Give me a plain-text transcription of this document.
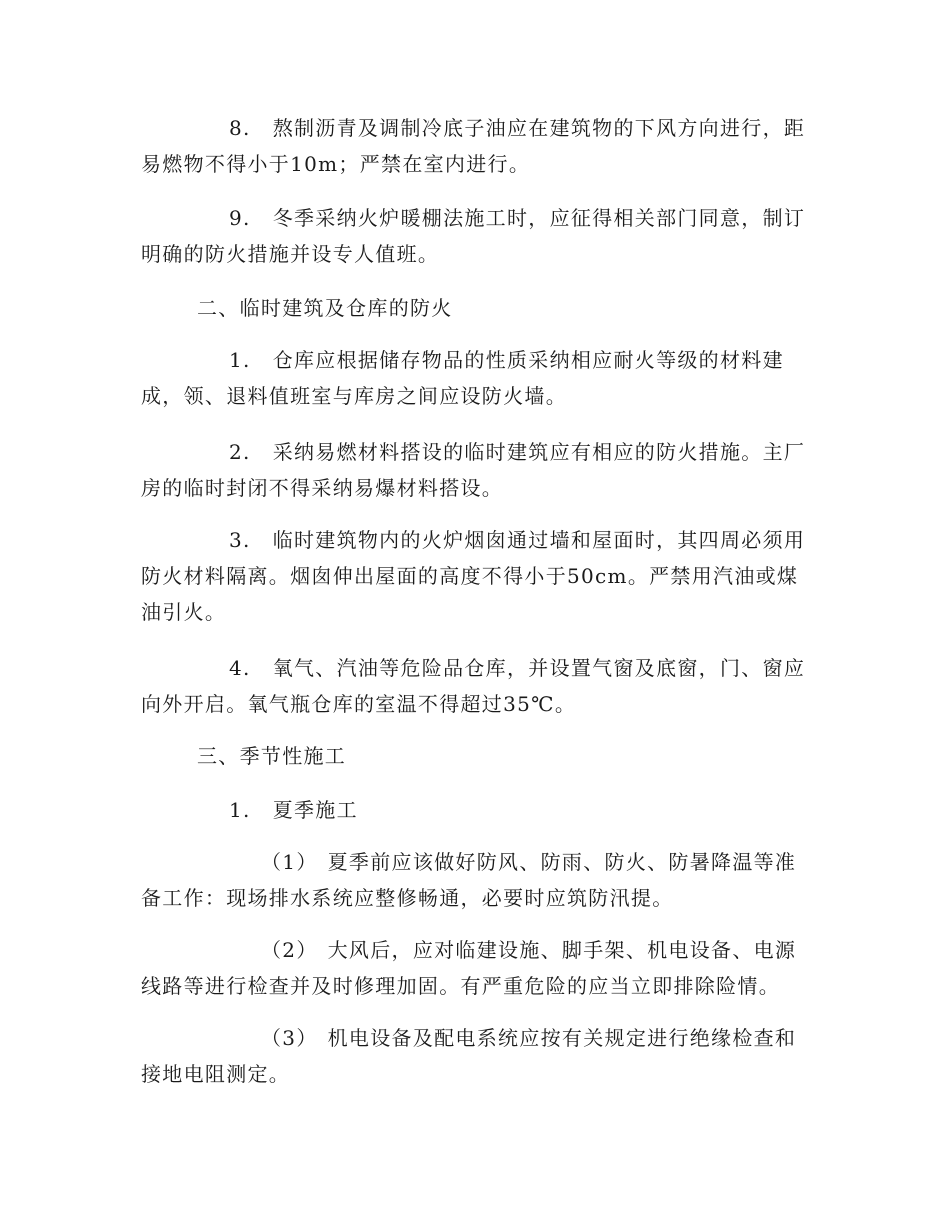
8. 熬制沥青及调制冷底子油应在建筑物的下风方向进行，距易燃物不得小于10m；严禁在室内进行。

9. 冬季采纳火炉暖棚法施工时，应征得相关部门同意，制订明确的防火措施并设专人值班。

二、临时建筑及仓库的防火

1. 仓库应根据储存物品的性质采纳相应耐火等级的材料建成，领、退料值班室与库房之间应设防火墙。

2. 采纳易燃材料搭设的临时建筑应有相应的防火措施。主厂房的临时封闭不得采纳易爆材料搭设。

3. 临时建筑物内的火炉烟囱通过墙和屋面时，其四周必须用防火材料隔离。烟囱伸出屋面的高度不得小于50cm。严禁用汽油或煤油引火。

4. 氧气、汽油等危险品仓库，并设置气窗及底窗，门、窗应向外开启。氧气瓶仓库的室温不得超过35℃。

三、季节性施工

1. 夏季施工

（1） 夏季前应该做好防风、防雨、防火、防暑降温等准备工作：现场排水系统应整修畅通，必要时应筑防汛提。

（2） 大风后，应对临建设施、脚手架、机电设备、电源线路等进行检查并及时修理加固。有严重危险的应当立即排除险情。

（3） 机电设备及配电系统应按有关规定进行绝缘检查和接地电阻测定。
